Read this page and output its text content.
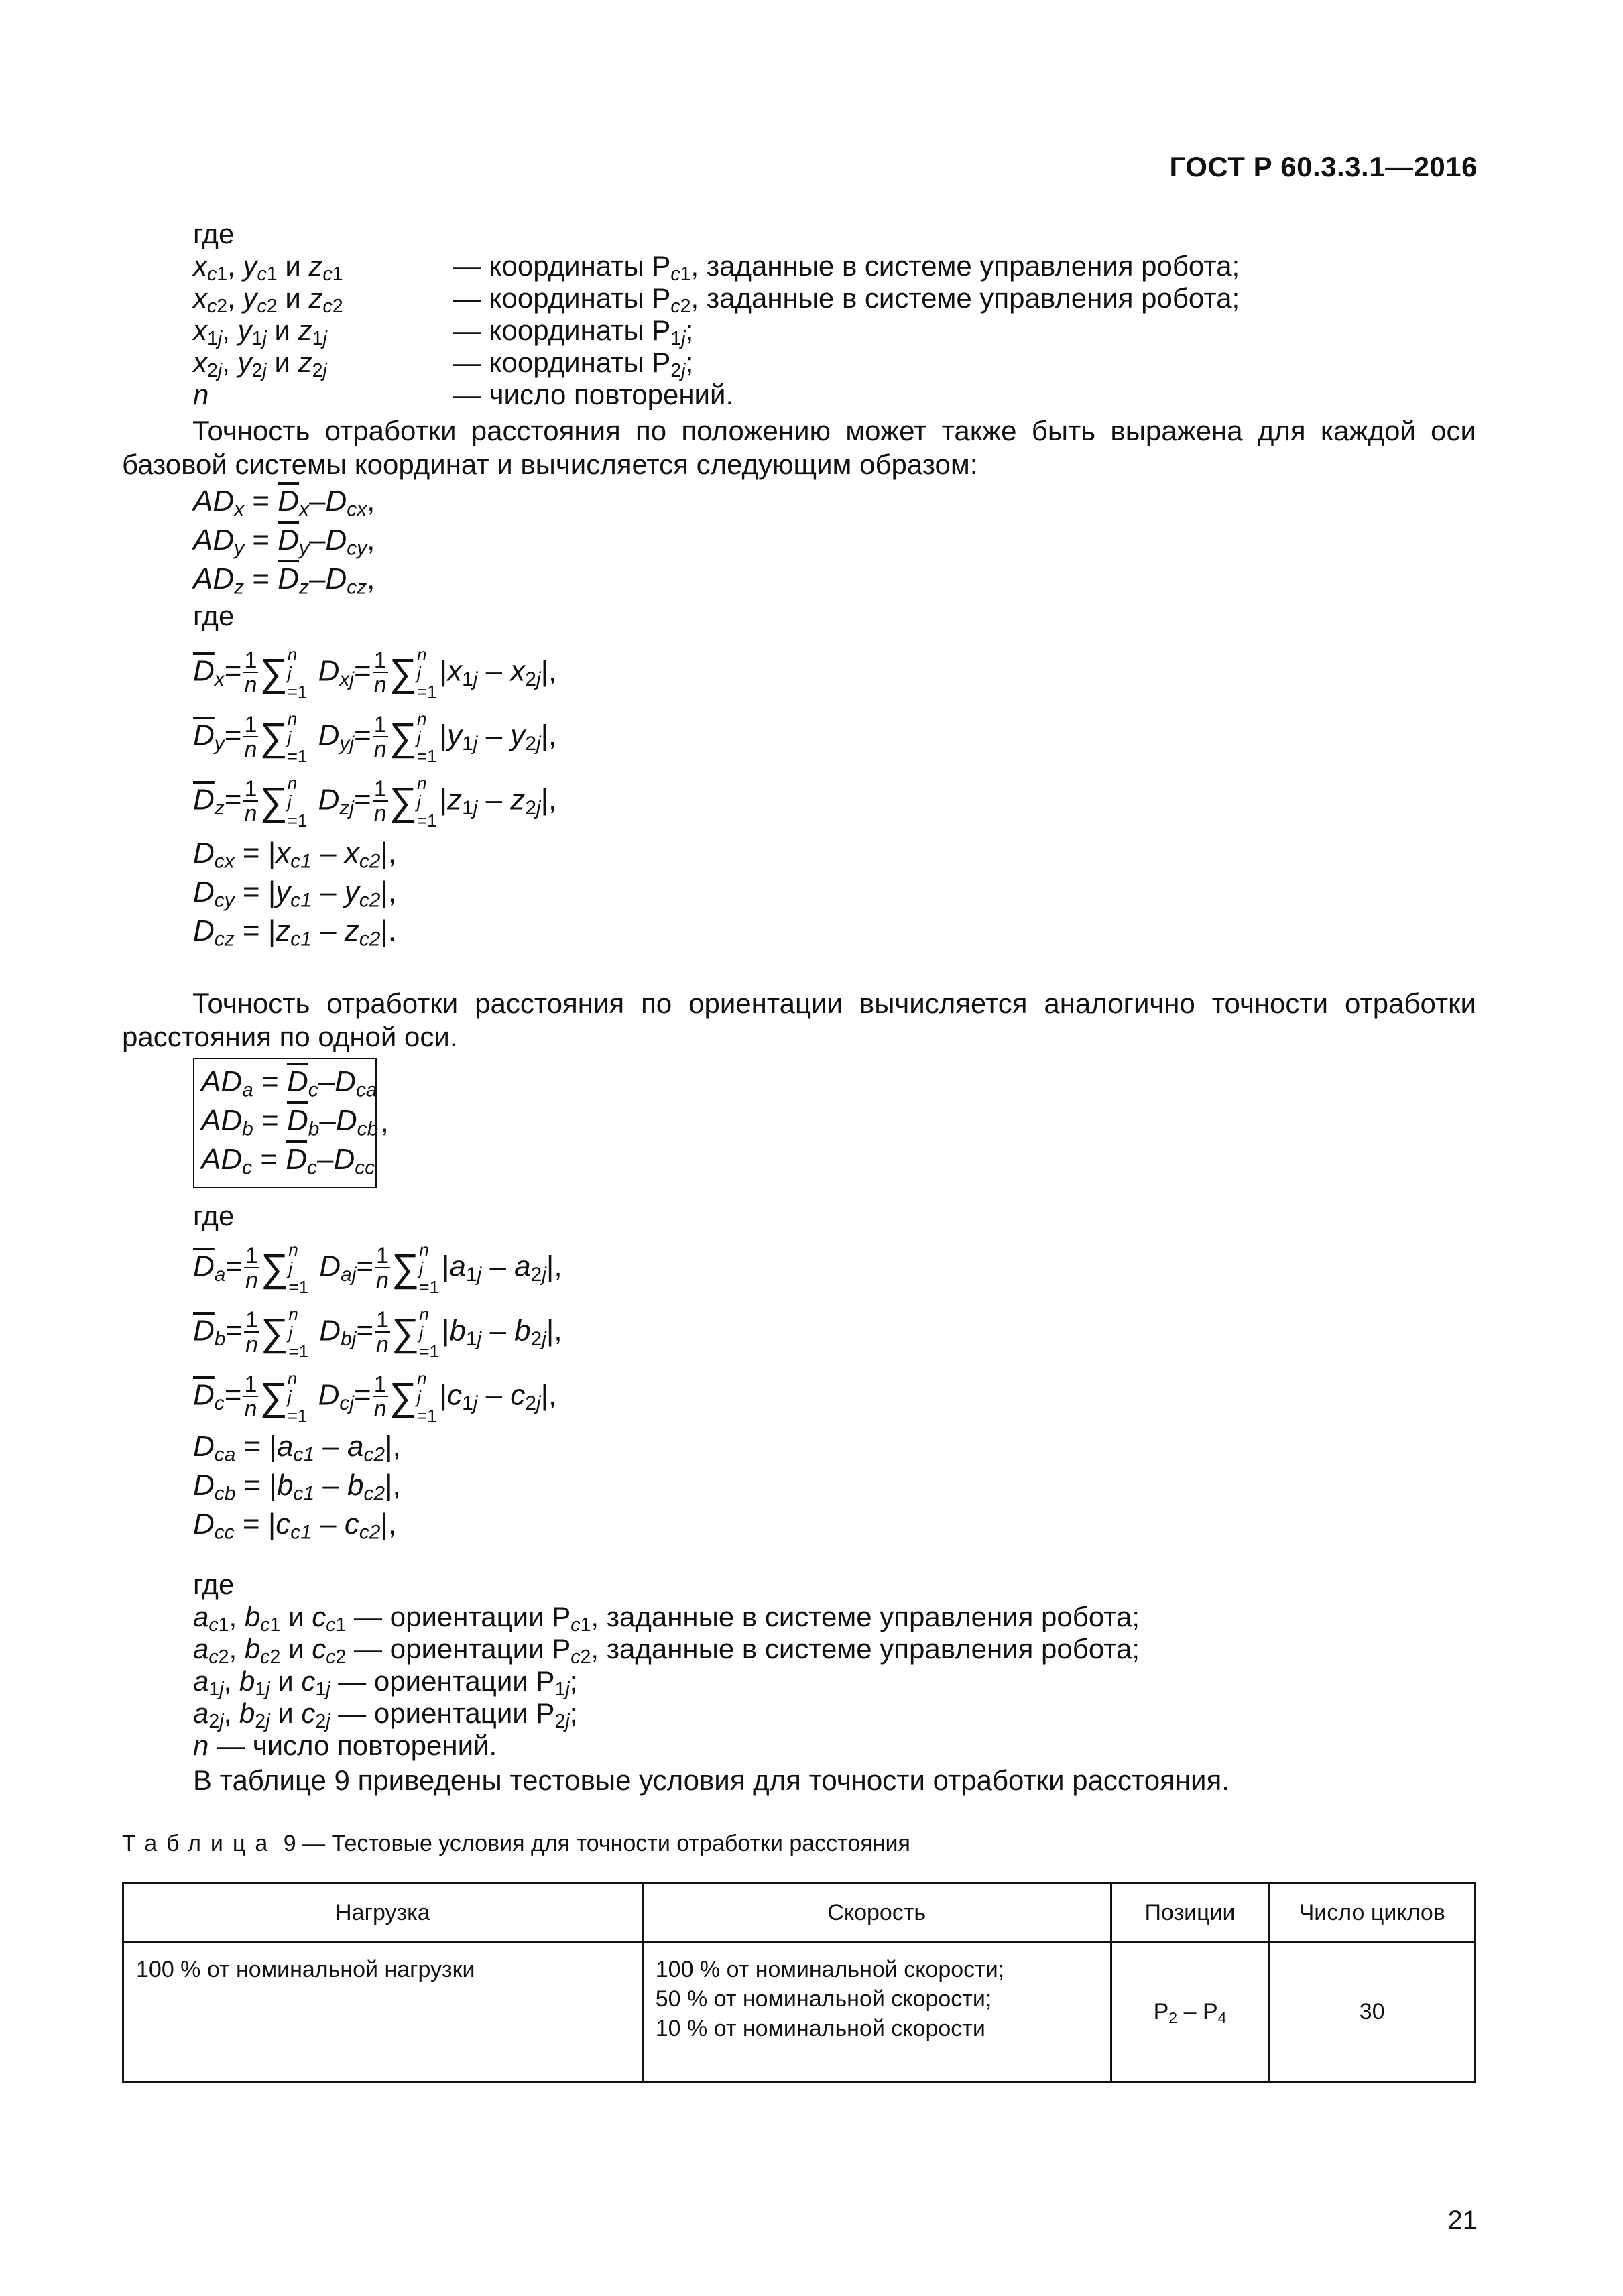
ГОСТ Р 60.3.3.1—2016
где
$x_{c1}$, $y_{c1}$ и $z_{c1}$	— координаты $P_{c1}$, заданные в системе управления робота;
$x_{c2}$, $y_{c2}$ и $z_{c2}$	— координаты $P_{c2}$, заданные в системе управления робота;
$x_{1j}$, $y_{1j}$ и $z_{1j}$	— координаты $P_{1j}$;
$x_{2j}$, $y_{2j}$ и $z_{2j}$	— координаты $P_{2j}$;
n	— число повторений.
Точность отработки расстояния по положению может также быть выражена для каждой оси базовой системы координат и вычисляется следующим образом:
$AD_x = \overline{D}_x-D_{cx}$,
$AD_y = \overline{D}_y-D_{cy}$,
$AD_z = \overline{D}_z-D_{cz}$,
где
$\overline{D}_x= \frac{1}{n}$ ∑ n
j
=1
$D_{xj}= \frac{1}{n}$ ∑ n
j
=1
$|x_{1j} - x_{2j}|$,
$\overline{D}_y= \frac{1}{n}$ ∑ n
j
=1
$D_{yj}= \frac{1}{n}$ ∑ n
j
=1
$|y_{1j} - y_{2j}|$,
$\overline{D}_z= \frac{1}{n}$ ∑ n
j
=1
$D_{zj}= \frac{1}{n}$ ∑ n
j
=1
$|z_{1j} - z_{2j}|$,
$D_{cx} = |x_{c1} - x_{c2}|$,
$D_{cy} = |y_{c1} - y_{c2}|$,
$D_{cz} = |z_{c1} - z_{c2}|$.
Точность отработки расстояния по ориентации вычисляется аналогично точности отработки расстояния по одной оси.
$AD_a = \overline{D}_c-D_{ca}$
$AD_b = \overline{D}_b-D_{cb}$
$AD_c = \overline{D}_c-D_{cc}$
,
где
$\overline{D}_a= \frac{1}{n}$ ∑ n
j
=1
$D_{aj}= \frac{1}{n}$ ∑ n
j
=1
$|a_{1j} - a_{2j}|$,
$\overline{D}_b= \frac{1}{n}$ ∑ n
j
=1
$D_{bj}= \frac{1}{n}$ ∑ n
j
=1
$|b_{1j} - b_{2j}|$,
$\overline{D}_c= \frac{1}{n}$ ∑ n
j
=1
$D_{cj}= \frac{1}{n}$ ∑ n
j
=1
$|c_{1j} - c_{2j}|$,
$D_{ca} = |a_{c1} - a_{c2}|$,
$D_{cb} = |b_{c1} - b_{c2}|$,
$D_{cc} = |c_{c1} - c_{c2}|$,
где
$a_{c1}$, $b_{c1}$ и $c_{c1}$ — ориентации $P_{c1}$, заданные в системе управления робота;
$a_{c2}$, $b_{c2}$ и $c_{c2}$ — ориентации $P_{c2}$, заданные в системе управления робота;
$a_{1j}$, $b_{1j}$ и $c_{1j}$ — ориентации $P_{1j}$;
$a_{2j}$, $b_{2j}$ и $c_{2j}$ — ориентации $P_{2j}$;
n — число повторений.
В таблице 9 приведены тестовые условия для точности отработки расстояния.
Таблица 9 — Тестовые условия для точности отработки расстояния
Нагрузка	Скорость	Позиции	Число циклов
100 % от номинальной нагрузки	100 % от номинальной скорости;
50 % от номинальной скорости;
10 % от номинальной скорости	$P_2 - P_4$	30
21
